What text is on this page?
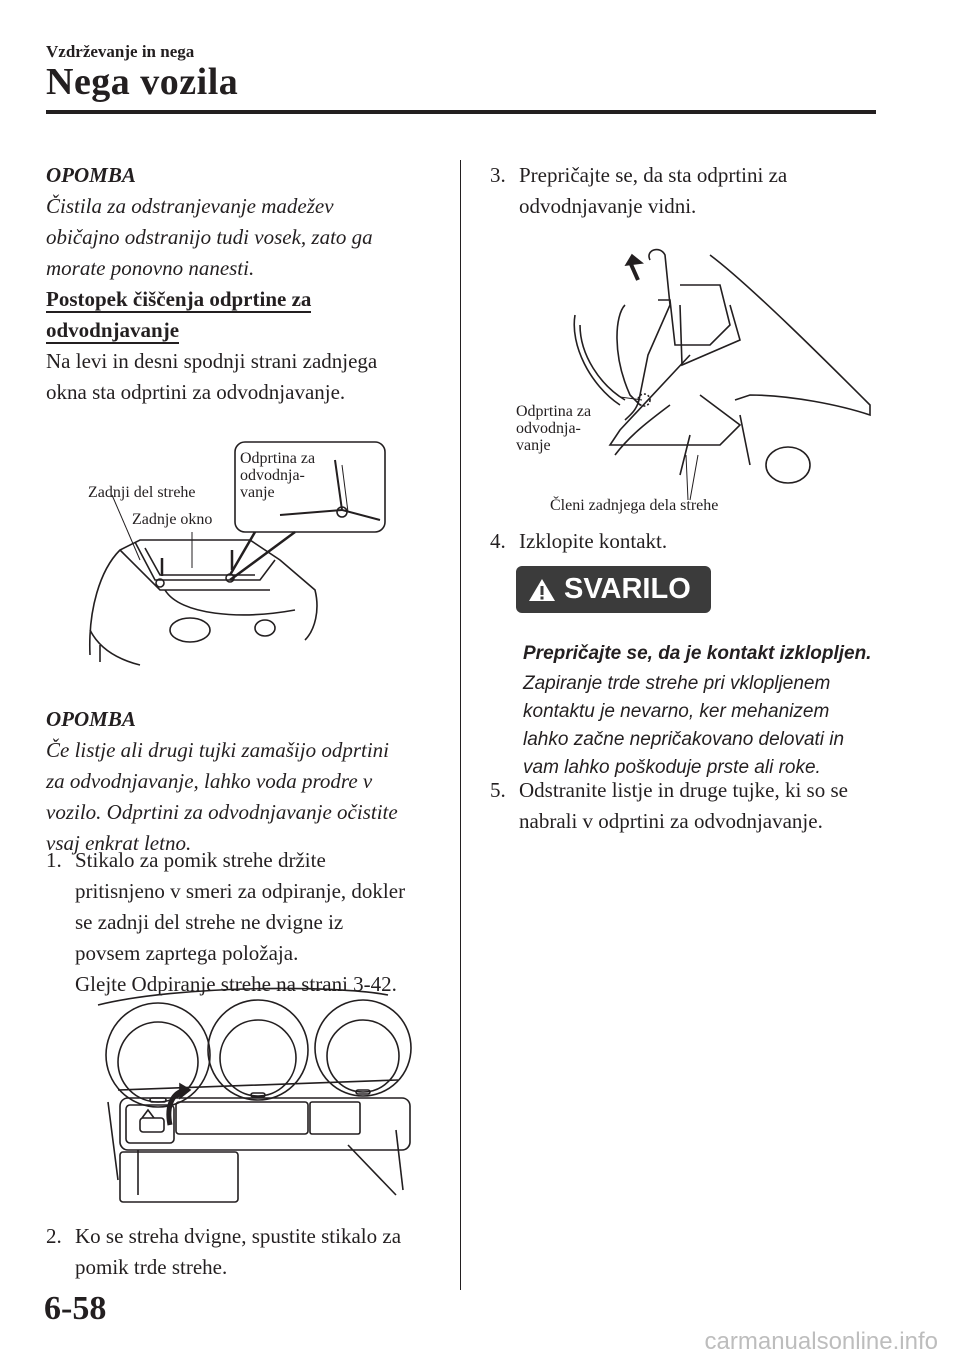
Vzdrževanje in nega
Nega vozila
OPOMBA
Čistila za odstranjevanje madežev
običajno odstranijo tudi vosek, zato ga
morate ponovno nanesti.
Postopek čiščenja odprtine za
odvodnjavanje
Na levi in desni spodnji strani zadnjega
okna sta odprtini za odvodnjavanje.
Zadnji del strehe
Zadnje okno
Odprtina za
odvodnja-
vanje
OPOMBA
Če listje ali drugi tujki zamašijo odprtini
za odvodnjavanje, lahko voda prodre v
vozilo. Odprtini za odvodnjavanje očistite
vsaj enkrat letno.
1. Stikalo za pomik strehe držite
pritisnjeno v smeri za odpiranje, dokler
se zadnji del strehe ne dvigne iz
povsem zaprtega položaja.
Glejte Odpiranje strehe na strani 3-42.
2. Ko se streha dvigne, spustite stikalo za
pomik trde strehe.
3. Prepričajte se, da sta odprtini za
odvodnjavanje vidni.
Odprtina za
odvodnja-
vanje
Členi zadnjega dela strehe
4. Izklopite kontakt.
SVARILO
Prepričajte se, da je kontakt izklopljen.
Zapiranje trde strehe pri vklopljenem
kontaktu je nevarno, ker mehanizem
lahko začne nepričakovano delovati in
vam lahko poškoduje prste ali roke.
5. Odstranite listje in druge tujke, ki so se
nabrali v odprtini za odvodnjavanje.
6-58
carmanualsonline.info
